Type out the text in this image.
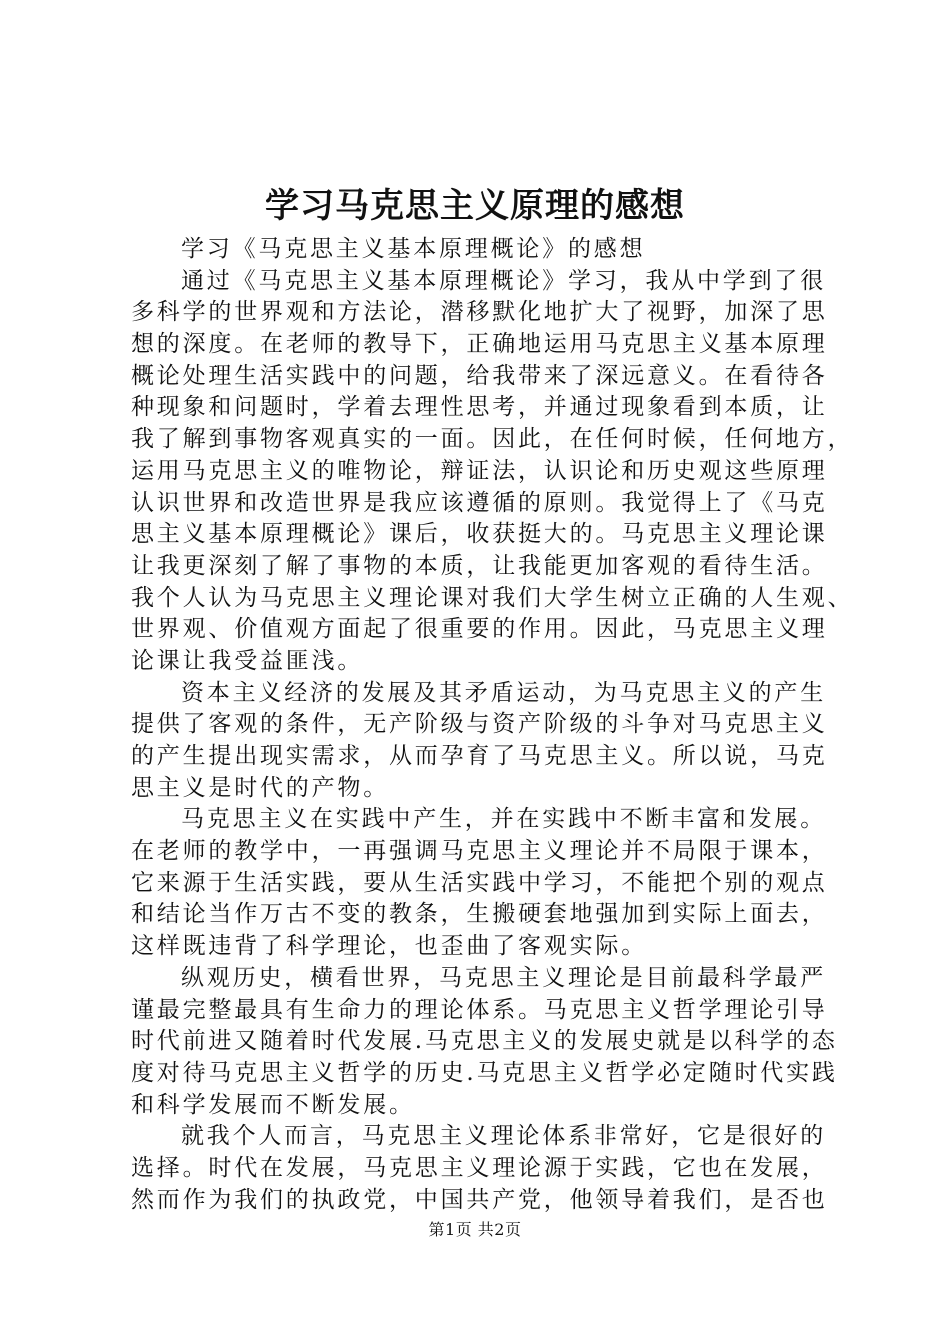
学习马克思主义原理的感想
学习《马克思主义基本原理概论》的感想
通过《马克思主义基本原理概论》学习，我从中学到了很
多科学的世界观和方法论，潜移默化地扩大了视野，加深了思
想的深度。在老师的教导下，正确地运用马克思主义基本原理
概论处理生活实践中的问题，给我带来了深远意义。在看待各
种现象和问题时，学着去理性思考，并通过现象看到本质，让
我了解到事物客观真实的一面。因此，在任何时候，任何地方，
运用马克思主义的唯物论，辩证法，认识论和历史观这些原理
认识世界和改造世界是我应该遵循的原则。我觉得上了《马克
思主义基本原理概论》课后，收获挺大的。马克思主义理论课
让我更深刻了解了事物的本质，让我能更加客观的看待生活。
我个人认为马克思主义理论课对我们大学生树立正确的人生观、
世界观、价值观方面起了很重要的作用。因此，马克思主义理
论课让我受益匪浅。
资本主义经济的发展及其矛盾运动，为马克思主义的产生
提供了客观的条件，无产阶级与资产阶级的斗争对马克思主义
的产生提出现实需求，从而孕育了马克思主义。所以说，马克
思主义是时代的产物。
马克思主义在实践中产生，并在实践中不断丰富和发展。
在老师的教学中，一再强调马克思主义理论并不局限于课本，
它来源于生活实践，要从生活实践中学习，不能把个别的观点
和结论当作万古不变的教条，生搬硬套地强加到实际上面去，
这样既违背了科学理论，也歪曲了客观实际。
纵观历史，横看世界，马克思主义理论是目前最科学最严
谨最完整最具有生命力的理论体系。马克思主义哲学理论引导
时代前进又随着时代发展.马克思主义的发展史就是以科学的态
度对待马克思主义哲学的历史.马克思主义哲学必定随时代实践
和科学发展而不断发展。
就我个人而言，马克思主义理论体系非常好，它是很好的
选择。时代在发展，马克思主义理论源于实践，它也在发展，
然而作为我们的执政党，中国共产党，他领导着我们，是否也
第1页 共2页
